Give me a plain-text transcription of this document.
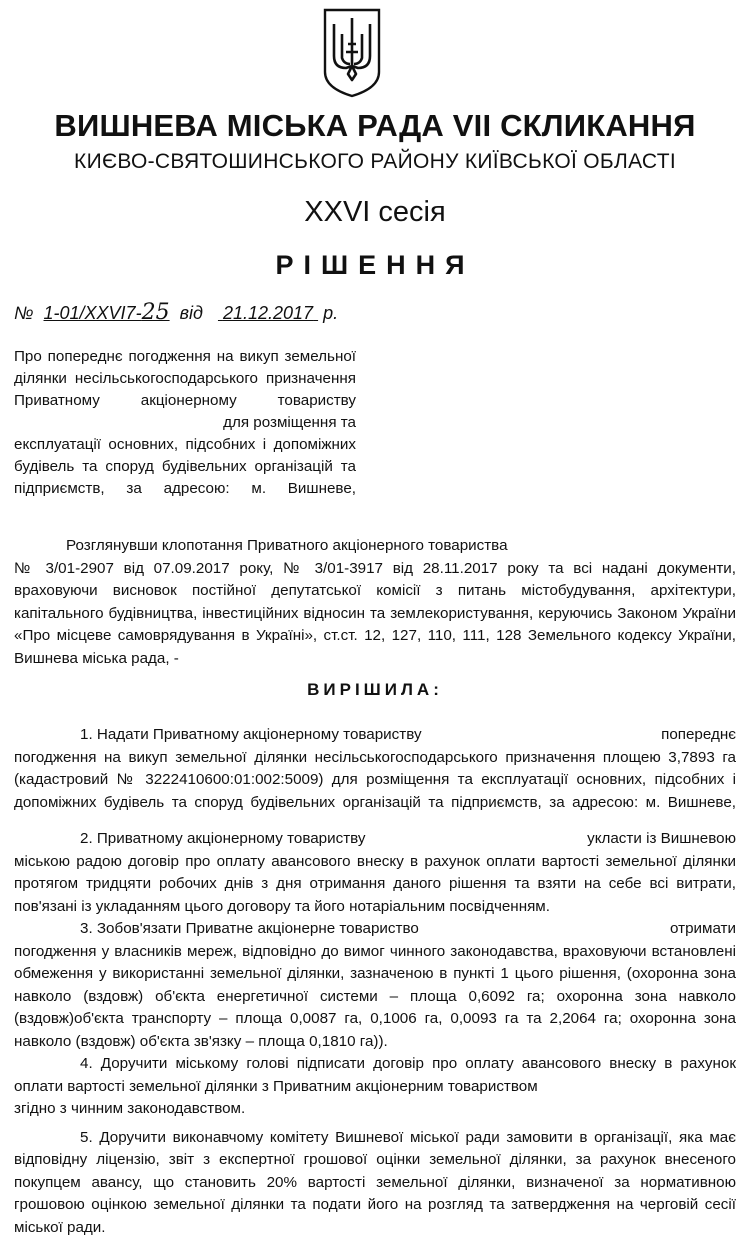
ВИШНЕВА МІСЬКА РАДА VII СКЛИКАННЯ
КИЄВО-СВЯТОШИНСЬКОГО РАЙОНУ КИЇВСЬКОЇ ОБЛАСТІ
XXVI сесія
РІШЕННЯ
№ 1-01/XXVI7-25 від 21.12.2017 р.
Про попереднє погодження на викуп земельної
ділянки несільськогосподарського призначення
Приватному акціонерному товариству
для розміщення та
експлуатації основних, підсобних і допоміжних
будівель та споруд будівельних організацій та
підприємств, за адресою: м. Вишневе,
Розглянувши клопотання Приватного акціонерного товариства
№ 3/01-2907 від 07.09.2017 року, № 3/01-3917 від 28.11.2017 року та всі надані документи,
враховуючи висновок постійної депутатської комісії з питань містобудування, архітектури,
капітального будівництва, інвестиційних відносин та землекористування, керуючись Законом України
«Про місцеве самоврядування в Україні», ст.ст. 12, 127, 110, 111, 128 Земельного кодексу України,
Вишнева міська рада, -
ВИРІШИЛА:
1. Надати Приватному акціонерному товариству	попереднє
погодження на викуп земельної ділянки несільськогосподарського призначення площею 3,7893 га
(кадастровий № 3222410600:01:002:5009) для розміщення та експлуатації основних, підсобних і
допоміжних будівель та споруд будівельних організацій та підприємств, за адресою: м. Вишневе,
2. Приватному акціонерному товариству	укласти із Вишневою
міською радою договір про оплату авансового внеску в рахунок оплати вартості земельної ділянки
протягом тридцяти робочих днів з дня отримання даного рішення та взяти на себе всі витрати,
пов'язані із укладанням цього договору та його нотаріальним посвідченням.
3. Зобов'язати Приватне акціонерне товариство	отримати
погодження у власників мереж, відповідно до вимог чинного законодавства, враховуючи встановлені
обмеження у використанні земельної ділянки, зазначеною в пункті 1 цього рішення, (охоронна зона
навколо (вздовж) об'єкта енергетичної системи – площа 0,6092 га; охоронна зона навколо
(вздовж)об'єкта транспорту – площа 0,0087 га, 0,1006 га, 0,0093 га та 2,2064 га; охоронна зона
навколо (вздовж) об'єкта зв'язку – площа 0,1810 га)).
4. Доручити міському голові підписати договір про оплату авансового внеску в рахунок
оплати вартості земельної ділянки з Приватним акціонерним товариством
згідно з чинним законодавством.
5. Доручити виконавчому комітету Вишневої міської ради замовити в організації, яка має
відповідну ліцензію, звіт з експертної грошової оцінки земельної ділянки, за рахунок внесеного
покупцем авансу, що становить 20% вартості земельної ділянки, визначеної за нормативною
грошовою оцінкою земельної ділянки та подати його на розгляд та затвердження на черговій сесії
міської ради.
